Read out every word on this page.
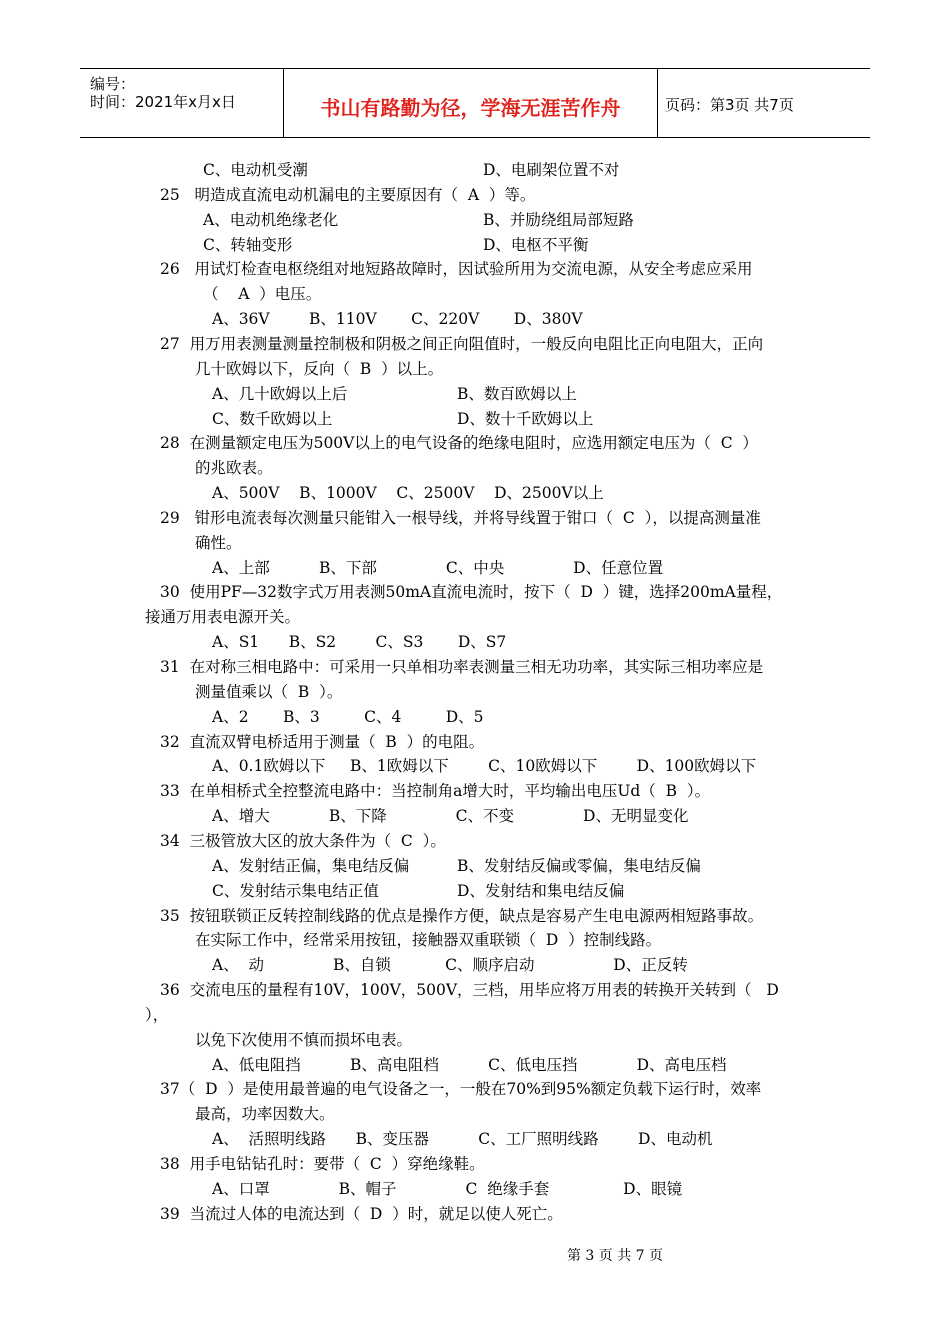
编号：
时间：2021年x月x日	书山有路勤为径，学海无涯苦作舟	页码：第3页 共7页
C、电动机受潮
25   明造成直流电动机漏电的主要原因有（  A  ）等。
A、电动机绝缘老化
C、转轴变形
26   用试灯检查电枢绕组对地短路故障时，因试验所用为交流电源，从安全考虑应采用
（    A  ）电压。
A、36V        B、110V       C、220V       D、380V
27  用万用表测量测量控制极和阴极之间正向阻值时，一般反向电阻比正向电阻大，正向
几十欧姆以下，反向（  B  ）以上。
A、几十欧姆以上后
C、数千欧姆以上
28  在测量额定电压为500V以上的电气设备的绝缘电阻时，应选用额定电压为（  C  ）
的兆欧表。
A、500V    B、1000V    C、2500V    D、2500V以上
29   钳形电流表每次测量只能钳入一根导线，并将导线置于钳口（  C  ），以提高测量准
确性。
A、上部          B、下部              C、中央              D、任意位置
30  使用PF—32数字式万用表测50mA直流电流时，按下（  D  ）键，选择200mA量程，
接通万用表电源开关。
A、S1      B、S2        C、S3       D、S7
31  在对称三相电路中：可采用一只单相功率表测量三相无功功率，其实际三相功率应是
测量值乘以（  B  ）。
A、2       B、3         C、4         D、5
32  直流双臂电桥适用于测量（  B  ）的电阻。
A、0.1欧姆以下     B、1欧姆以下        C、10欧姆以下        D、100欧姆以下
33  在单相桥式全控整流电路中：当控制角a增大时，平均输出电压Ud（  B  ）。
A、增大            B、下降              C、不变              D、无明显变化
34  三极管放大区的放大条件为（  C  ）。
A、发射结正偏，集电结反偏
C、发射结示集电结正值
35  按钮联锁正反转控制线路的优点是操作方便，缺点是容易产生电电源两相短路事故。
在实际工作中，经常采用按钮，接触器双重联锁（  D  ）控制线路。
A、  动              B、自锁           C、顺序启动                D、正反转
36  交流电压的量程有10V，100V，500V，三档，用毕应将万用表的转换开关转到（   D
），
以免下次使用不慎而损坏电表。
A、低电阻挡          B、高电阻档          C、低电压挡            D、高电压档
37（  D  ）是使用最普遍的电气设备之一，一般在70%到95%额定负载下运行时，效率
最高，功率因数大。
A、  活照明线路      B、变压器          C、工厂照明线路        D、电动机
38  用手电钻钻孔时：要带（  C  ）穿绝缘鞋。
A、口罩              B、帽子              C  绝缘手套               D、眼镜
39  当流过人体的电流达到（  D  ）时，就足以使人死亡。
D、电刷架位置不对
B、并励绕组局部短路
D、电枢不平衡
B、数百欧姆以上
D、数十千欧姆以上
B、发射结反偏或零偏，集电结反偏
D、发射结和集电结反偏
第 3 页 共 7 页
